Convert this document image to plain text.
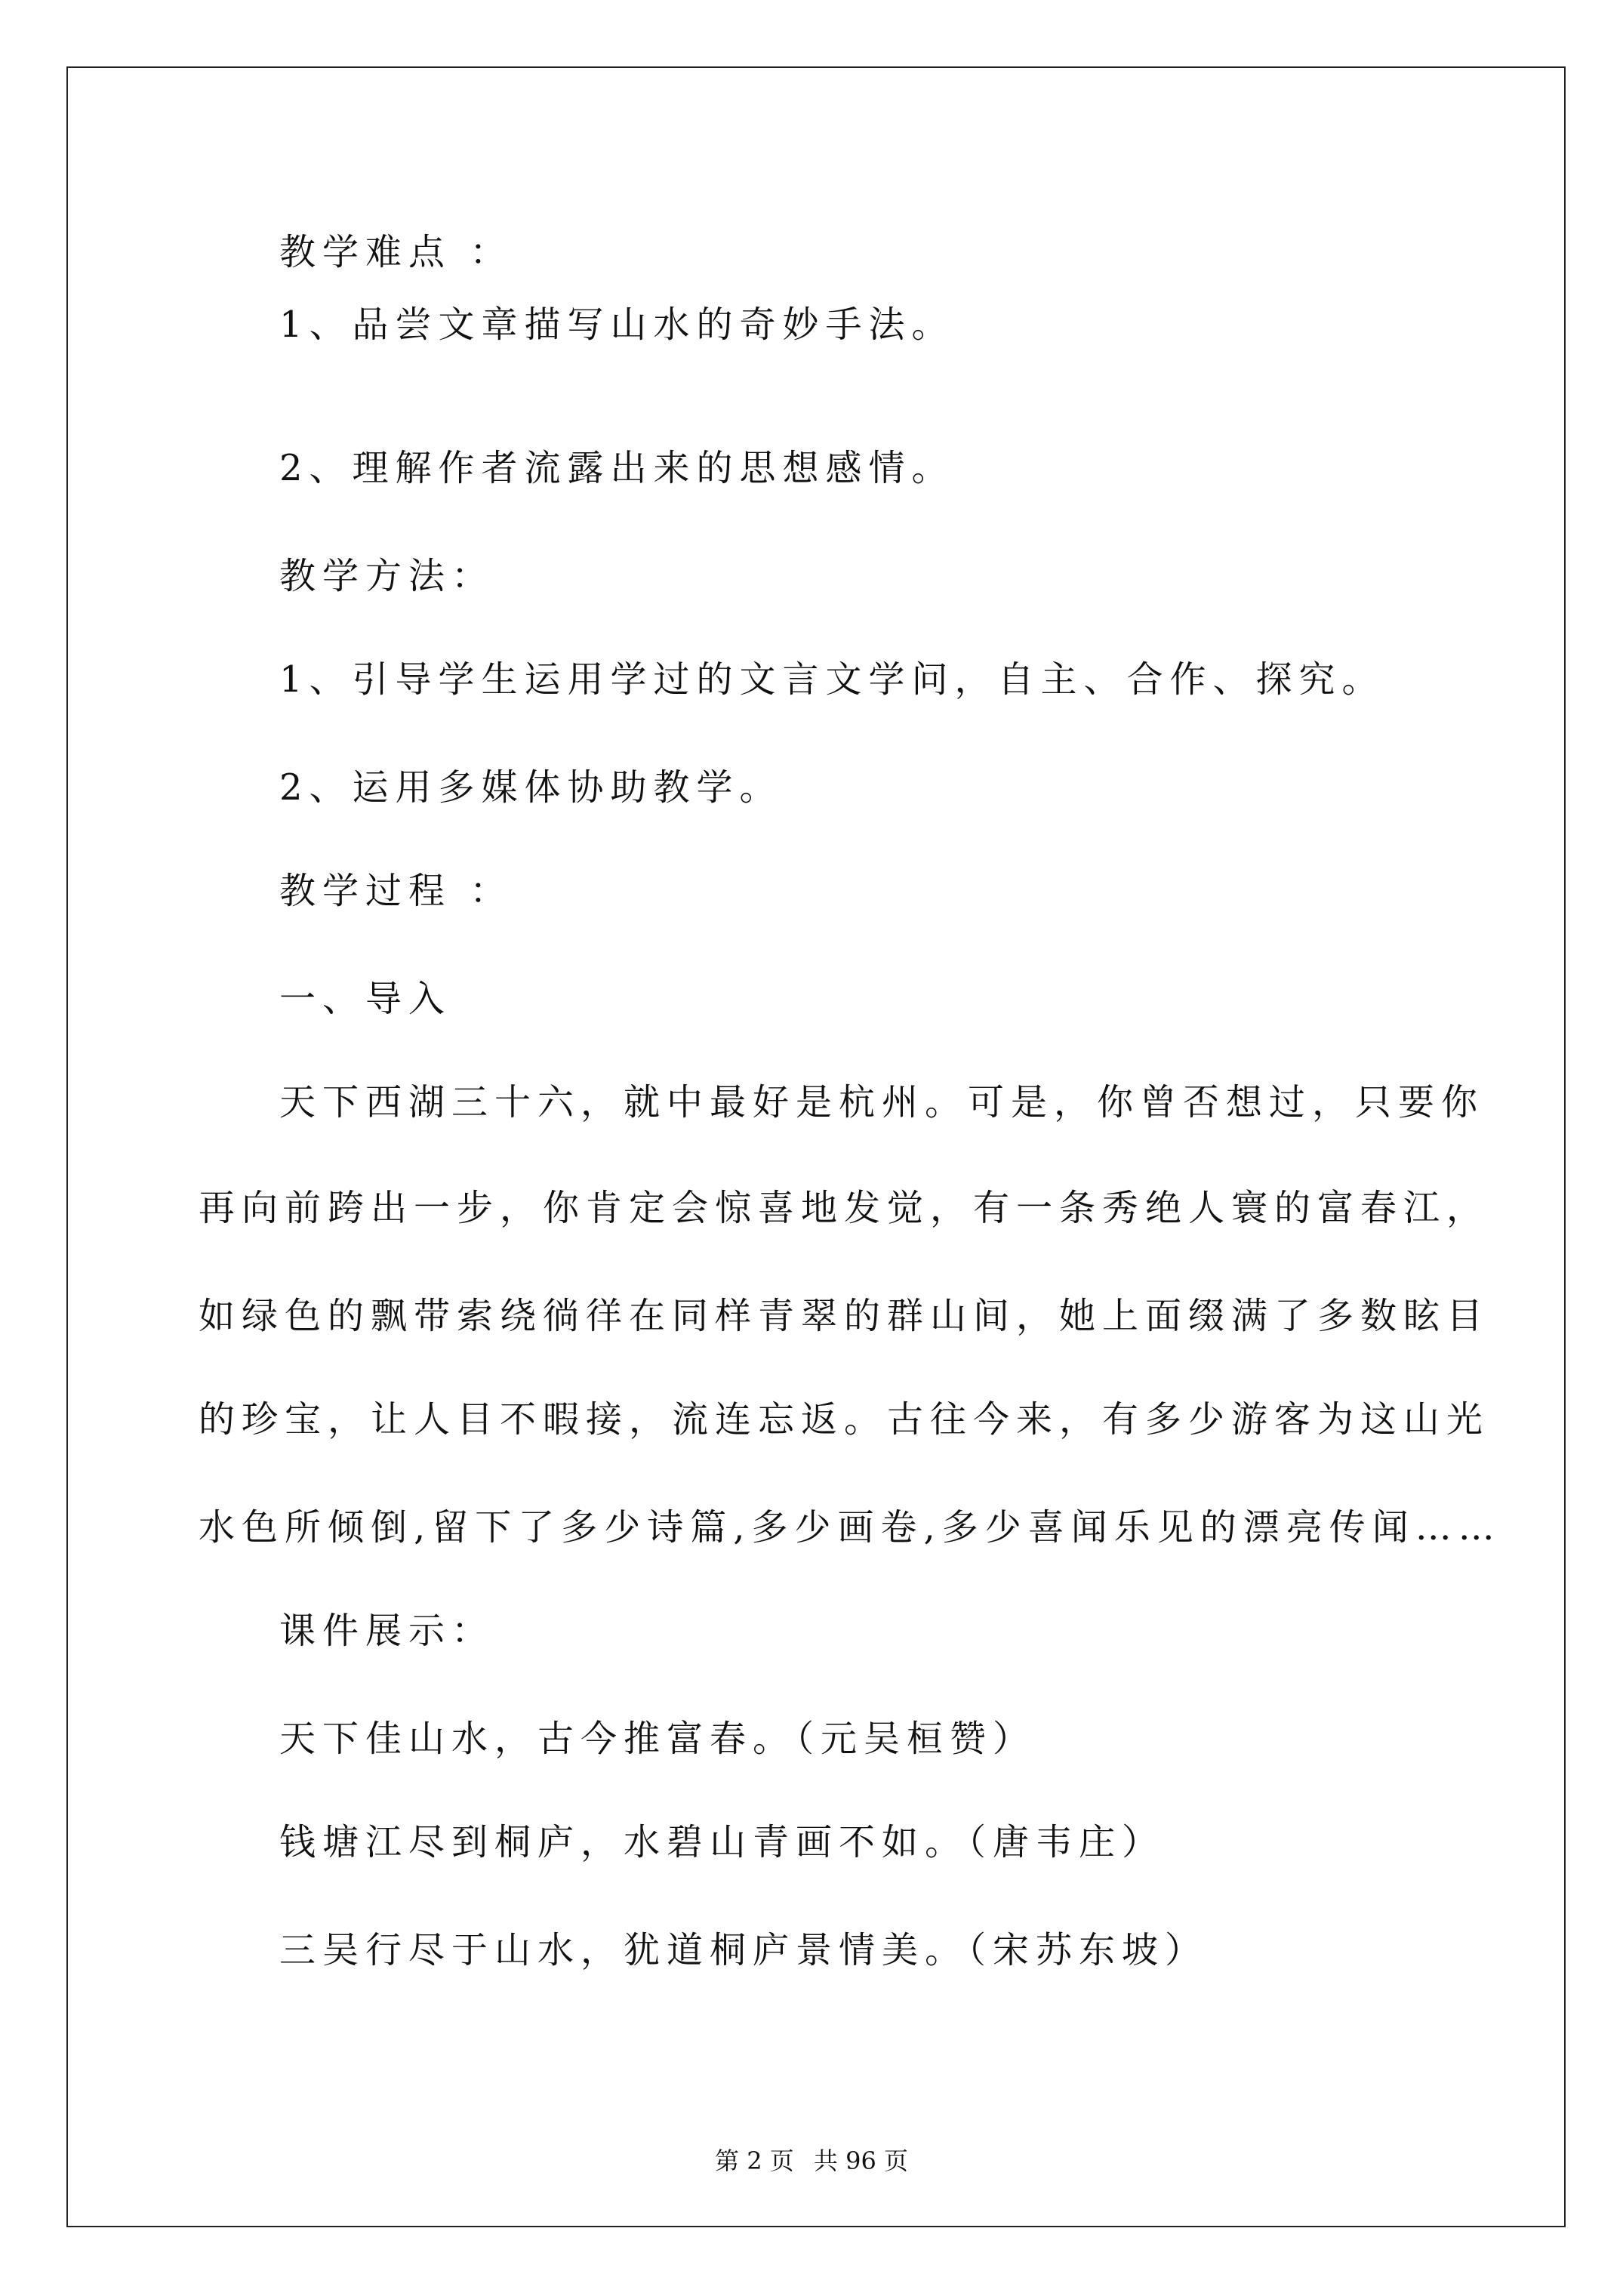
教学难点 ：
1、品尝文章描写山水的奇妙手法。
2、理解作者流露出来的思想感情。
教学方法：
1、引导学生运用学过的文言文学问，自主、合作、探究。
2、运用多媒体协助教学。
教学过程 ：
一、导入
天下西湖三十六，就中最好是杭州。可是，你曾否想过，只要你
再向前跨出一步，你肯定会惊喜地发觉，有一条秀绝人寰的富春江，
如绿色的飘带索绕徜徉在同样青翠的群山间，她上面缀满了多数眩目
的珍宝，让人目不暇接，流连忘返。古往今来，有多少游客为这山光
水色所倾倒,留下了多少诗篇,多少画卷,多少喜闻乐见的漂亮传闻……
课件展示：
天下佳山水，古今推富春。（元吴桓赞）
钱塘江尽到桐庐，水碧山青画不如。（唐韦庄）
三吴行尽于山水，犹道桐庐景情美。（宋苏东坡）
第 2 页 共 96 页
